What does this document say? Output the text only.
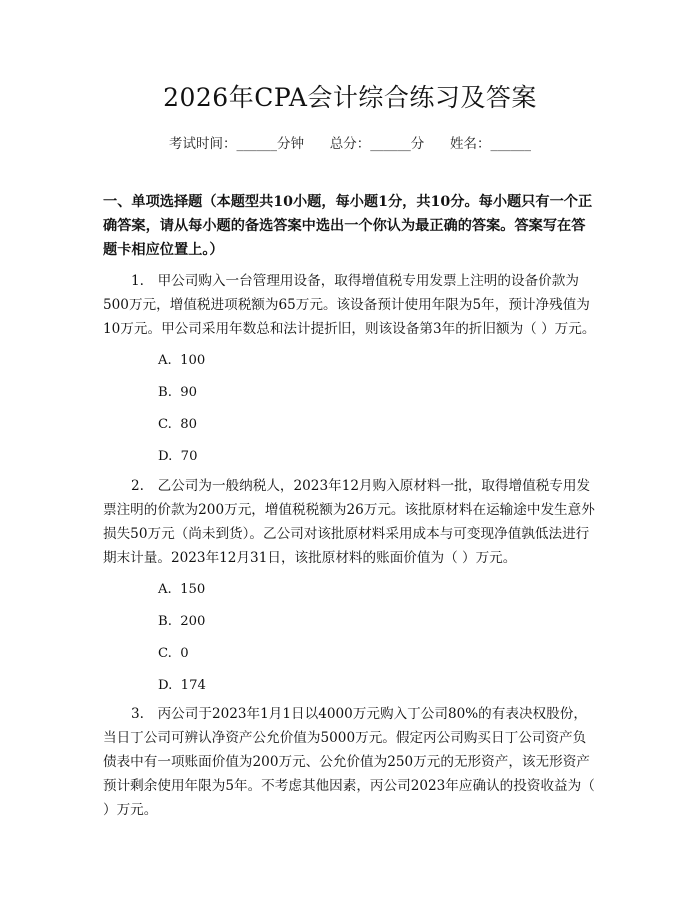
2026年CPA会计综合练习及答案
考试时间：______分钟      总分：______分      姓名：______
一、单项选择题（本题型共10小题，每小题1分，共10分。每小题只有一个正确答案，请从每小题的备选答案中选出一个你认为最正确的答案。答案写在答题卡相应位置上。）
1.　甲公司购入一台管理用设备，取得增值税专用发票上注明的设备价款为500万元，增值税进项税额为65万元。该设备预计使用年限为5年，预计净残值为10万元。甲公司采用年数总和法计提折旧，则该设备第3年的折旧额为（ ）万元。
A.  100
B.  90
C.  80
D.  70
2.　乙公司为一般纳税人，2023年12月购入原材料一批，取得增值税专用发票注明的价款为200万元，增值税税额为26万元。该批原材料在运输途中发生意外损失50万元（尚未到货）。乙公司对该批原材料采用成本与可变现净值孰低法进行期末计量。2023年12月31日，该批原材料的账面价值为（ ）万元。
A.  150
B.  200
C.  0
D.  174
3.　丙公司于2023年1月1日以4000万元购入丁公司80%的有表决权股份，当日丁公司可辨认净资产公允价值为5000万元。假定丙公司购买日丁公司资产负债表中有一项账面价值为200万元、公允价值为250万元的无形资产，该无形资产预计剩余使用年限为5年。不考虑其他因素，丙公司2023年应确认的投资收益为（ ）万元。
